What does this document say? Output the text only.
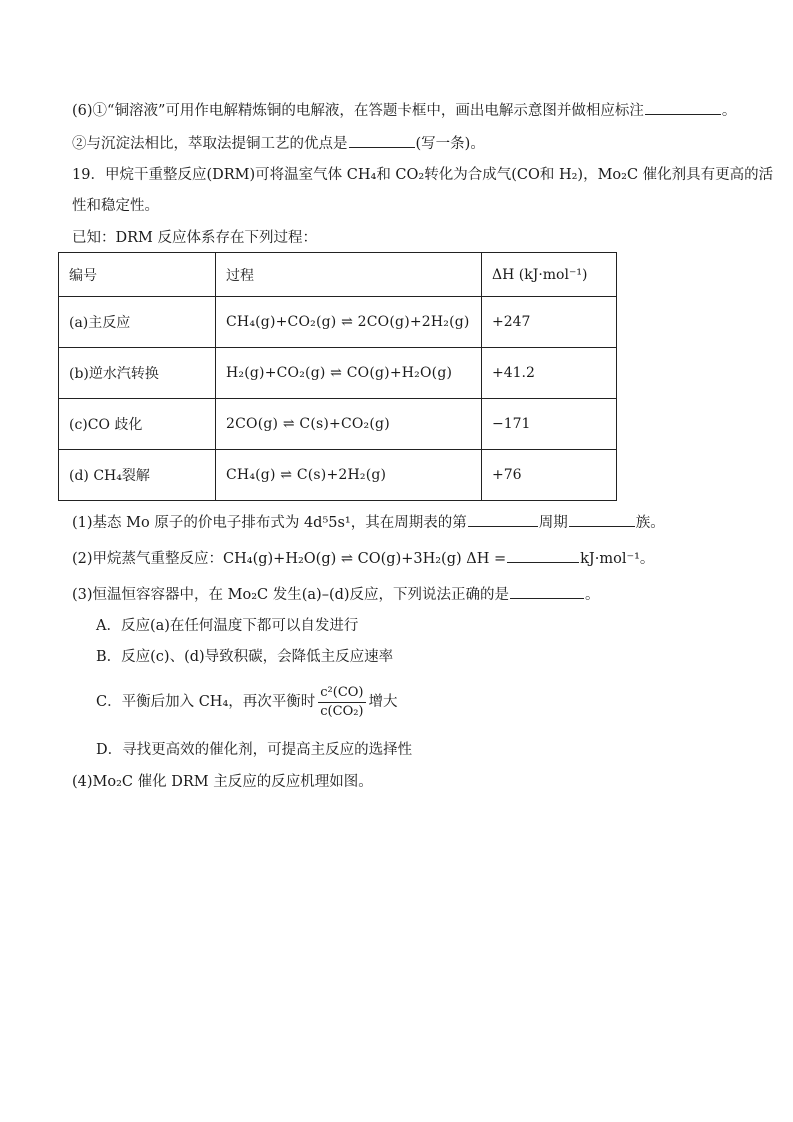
(6)①“铜溶液”可用作电解精炼铜的电解液，在答题卡框中，画出电解示意图并做相应标注	。
②与沉淀法相比，萃取法提铜工艺的优点是	(写一条)。
19．甲烷干重整反应(DRM)可将温室气体 CH₄和 CO₂转化为合成气(CO和 H₂)，Mo₂C 催化剂具有更高的活
性和稳定性。
已知：DRM 反应体系存在下列过程：
编号	过程	ΔH (kJ·mol⁻¹)
(a)主反应	CH₄(g)+CO₂(g) ⇌ 2CO(g)+2H₂(g)	+247
(b)逆水汽转换	H₂(g)+CO₂(g) ⇌ CO(g)+H₂O(g)	+41.2
(c)CO 歧化	2CO(g) ⇌ C(s)+CO₂(g)	−171
(d) CH₄裂解	CH₄(g) ⇌ C(s)+2H₂(g)	+76
(1)基态 Mo 原子的价电子排布式为 4d⁵5s¹，其在周期表的第	周期	族。
(2)甲烷蒸气重整反应：CH₄(g)+H₂O(g) ⇌ CO(g)+3H₂(g) ΔH =	kJ·mol⁻¹。
(3)恒温恒容容器中，在 Mo₂C 发生(a)–(d)反应，下列说法正确的是	。
A．反应(a)在任何温度下都可以自发进行
B．反应(c)、(d)导致积碳，会降低主反应速率
C．平衡后加入 CH₄，再次平衡时 $\frac{\text{c²(CO)}}{\text{c(CO₂)}}$ 增大
D．寻找更高效的催化剂，可提高主反应的选择性
(4)Mo₂C 催化 DRM 主反应的反应机理如图。
